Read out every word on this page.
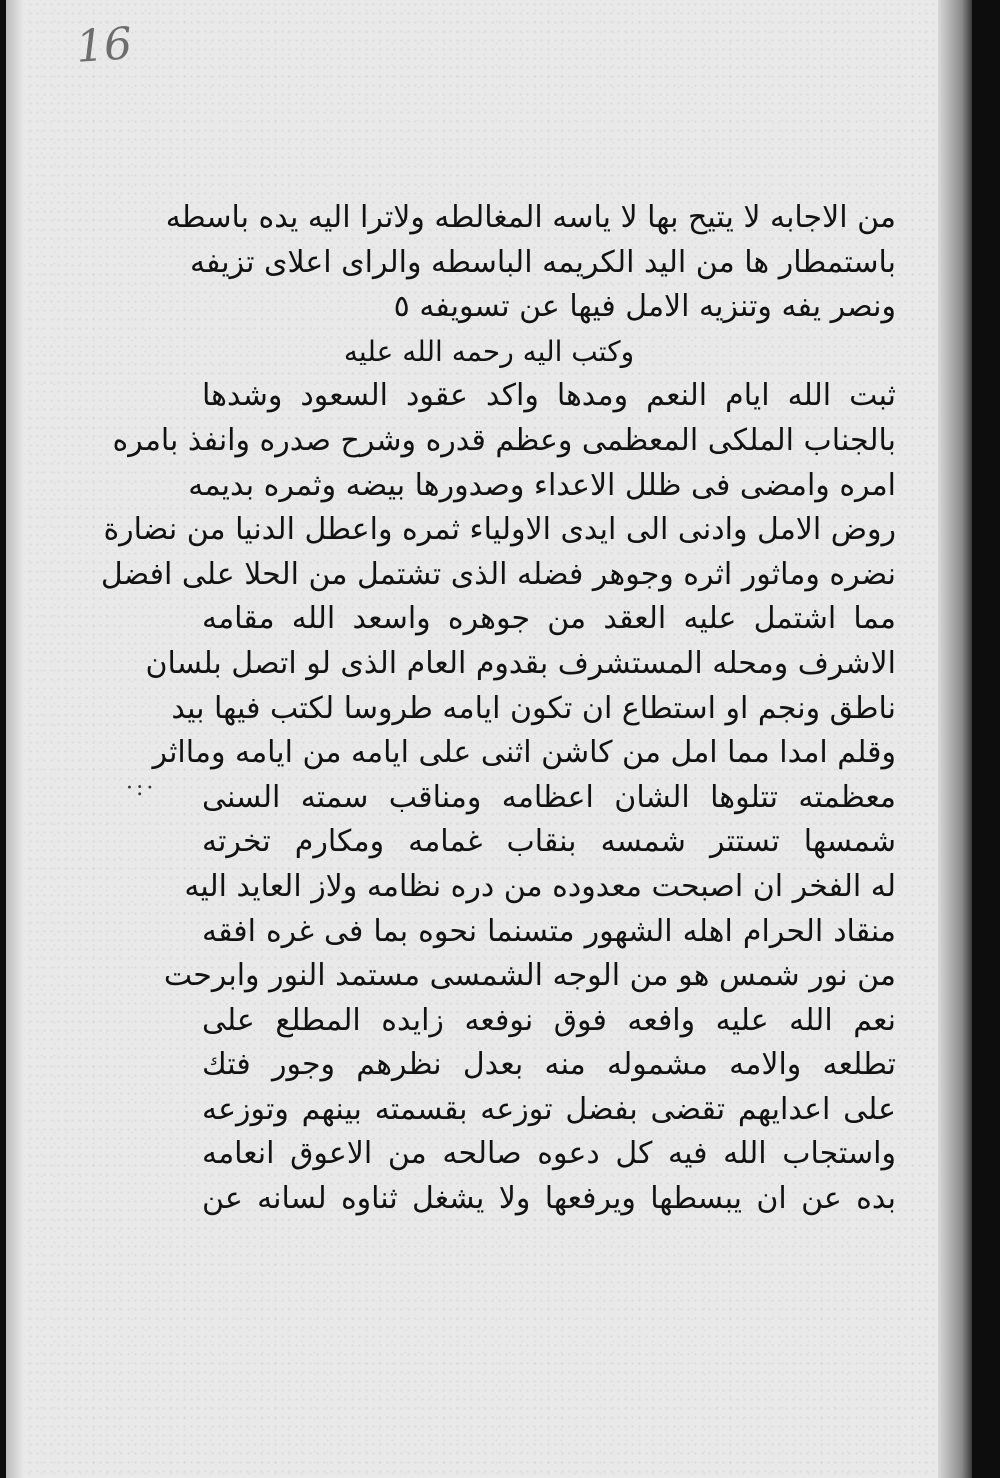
16
·:·
من الاجابه لا يتيح بها لا ياسه المغالطه ولاترا اليه يده باسطه
باستمطار ها من اليد الكريمه الباسطه والراى اعلاى تزيفه
ونصر يفه وتنزيه الامل فيها عن تسويفه ٥
وكتب اليه رحمه الله عليه
ثبت الله ايام النعم ومدها واكد عقود السعود وشدها
بالجناب الملكى المعظمى وعظم قدره وشرح صدره وانفذ بامره
امره وامضى فى ظلل الاعداء وصدورها بيضه وثمره بديمه
روض الامل وادنى الى ايدى الاولياء ثمره واعطل الدنيا من نضارة
نضره وماثور اثره وجوهر فضله الذى تشتمل من الحلا على افضل
مما اشتمل عليه العقد من جوهره واسعد الله مقامه
الاشرف ومحله المستشرف بقدوم العام الذى لو اتصل بلسان
ناطق ونجم او استطاع ان تكون ايامه طروسا لكتب فيها بيد
وقلم امدا مما امل من كاشن اثنى على ايامه من ايامه ومااثر
معظمته تتلوها الشان اعظامه ومناقب سمته السنى
شمسها تستتر شمسه بنقاب غمامه ومكارم تخرته
له الفخر ان اصبحت معدوده من دره نظامه ولاز العايد اليه
منقاد الحرام اهله الشهور متسنما نحوه بما فى غره افقه
من نور شمس هو من الوجه الشمسى مستمد النور وابرحت
نعم الله عليه وافعه فوق نوفعه زايده المطلع على
تطلعه والامه مشموله منه بعدل نظرهم وجور فتك
على اعدايهم تقضى بفضل توزعه بقسمته بينهم وتوزعه
واستجاب الله فيه كل دعوه صالحه من الاعوق انعامه
بده عن ان يبسطها ويرفعها ولا يشغل ثناوه لسانه عن
